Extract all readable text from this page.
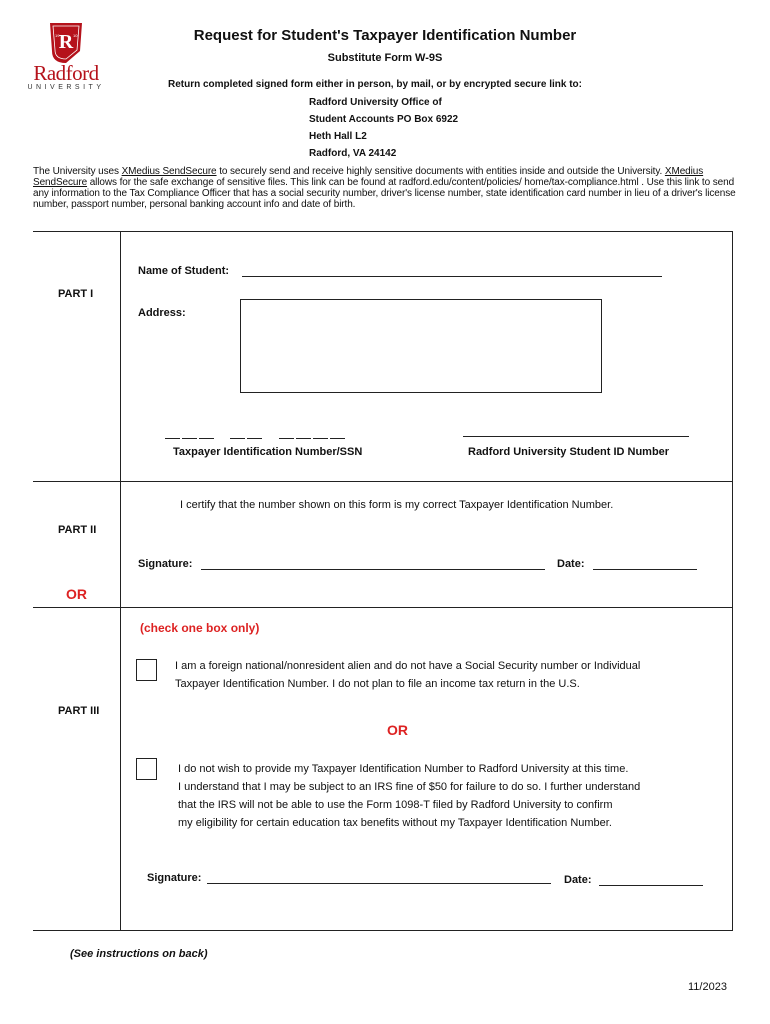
R
19	10
Radford
UNIVERSITY
Request for Student's Taxpayer Identification Number
Substitute Form W-9S
Return completed signed form either in person, by mail, or by encrypted secure link to:
Radford University Office of
Student Accounts PO Box 6922
Heth Hall L2
Radford, VA 24142
The University uses XMedius SendSecure to securely send and receive highly sensitive documents with entities inside and outside the University. XMedius SendSecure allows for the safe exchange of sensitive files. This link can be found at radford.edu/content/policies/ home/tax-compliance.html . Use this link to send any information to the Tax Compliance Officer that has a social security number, driver's license number, state identification card number in lieu of a driver's license number, passport number, personal banking account info and date of birth.
PART I
Name of Student:
Address:

Taxpayer Identification Number/SSN	Radford University Student ID Number
I certify that the number shown on this form is my correct Taxpayer Identification Number.
PART II
Signature:	Date:
OR
(check one box only)
I am a foreign national/nonresident alien and do not have a Social Security number or Individual
Taxpayer Identification Number. I do not plan to file an income tax return in the U.S.
PART III
OR
I do not wish to provide my Taxpayer Identification Number to Radford University at this time.
I understand that I may be subject to an IRS fine of $50 for failure to do so. I further understand
that the IRS will not be able to use the Form 1098-T filed by Radford University to confirm
my eligibility for certain education tax benefits without my Taxpayer Identification Number.
Signature:	Date:
(See instructions on back)
11/2023
